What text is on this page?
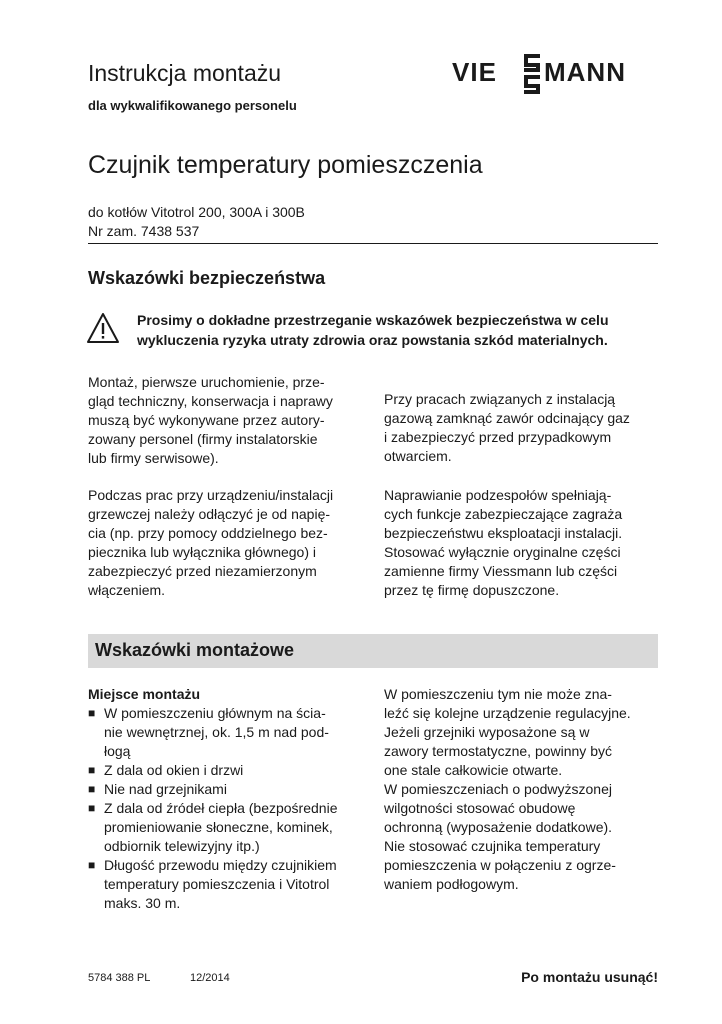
Instrukcja montażu
dla wykwalifikowanego personelu
VIE MANN
Czujnik temperatury pomieszczenia
do kotłów Vitotrol 200, 300A i 300B
Nr zam. 7438 537
Wskazówki bezpieczeństwa
Prosimy o dokładne przestrzeganie wskazówek bezpieczeństwa w celu
wykluczenia ryzyka utraty zdrowia oraz powstania szkód materialnych.
Montaż, pierwsze uruchomienie, prze-
gląd techniczny, konserwacja i naprawy
muszą być wykonywane przez autory-
zowany personel (firmy instalatorskie
lub firmy serwisowe).
Podczas prac przy urządzeniu/instalacji
grzewczej należy odłączyć je od napię-
cia (np. przy pomocy oddzielnego bez-
piecznika lub wyłącznika głównego) i
zabezpieczyć przed niezamierzonym
włączeniem.
Przy pracach związanych z instalacją
gazową zamknąć zawór odcinający gaz
i zabezpieczyć przed przypadkowym
otwarciem.
Naprawianie podzespołów spełniają-
cych funkcje zabezpieczające zagraża
bezpieczeństwu eksploatacji instalacji.
Stosować wyłącznie oryginalne części
zamienne firmy Viessmann lub części
przez tę firmę dopuszczone.
Wskazówki montażowe
Miejsce montażu
■ W pomieszczeniu głównym na ścia-
nie wewnętrznej, ok. 1,5 m nad pod-
łogą
■ Z dala od okien i drzwi
■ Nie nad grzejnikami
■ Z dala od źródeł ciepła (bezpośrednie
promieniowanie słoneczne, kominek,
odbiornik telewizyjny itp.)
■ Długość przewodu między czujnikiem
temperatury pomieszczenia i Vitotrol
maks. 30 m.
W pomieszczeniu tym nie może zna-
leźć się kolejne urządzenie regulacyjne.
Jeżeli grzejniki wyposażone są w
zawory termostatyczne, powinny być
one stale całkowicie otwarte.
W pomieszczeniach o podwyższonej
wilgotności stosować obudowę
ochronną (wyposażenie dodatkowe).
Nie stosować czujnika temperatury
pomieszczenia w połączeniu z ogrze-
waniem podłogowym.
5784 388 PL	12/2014	Po montażu usunąć!
